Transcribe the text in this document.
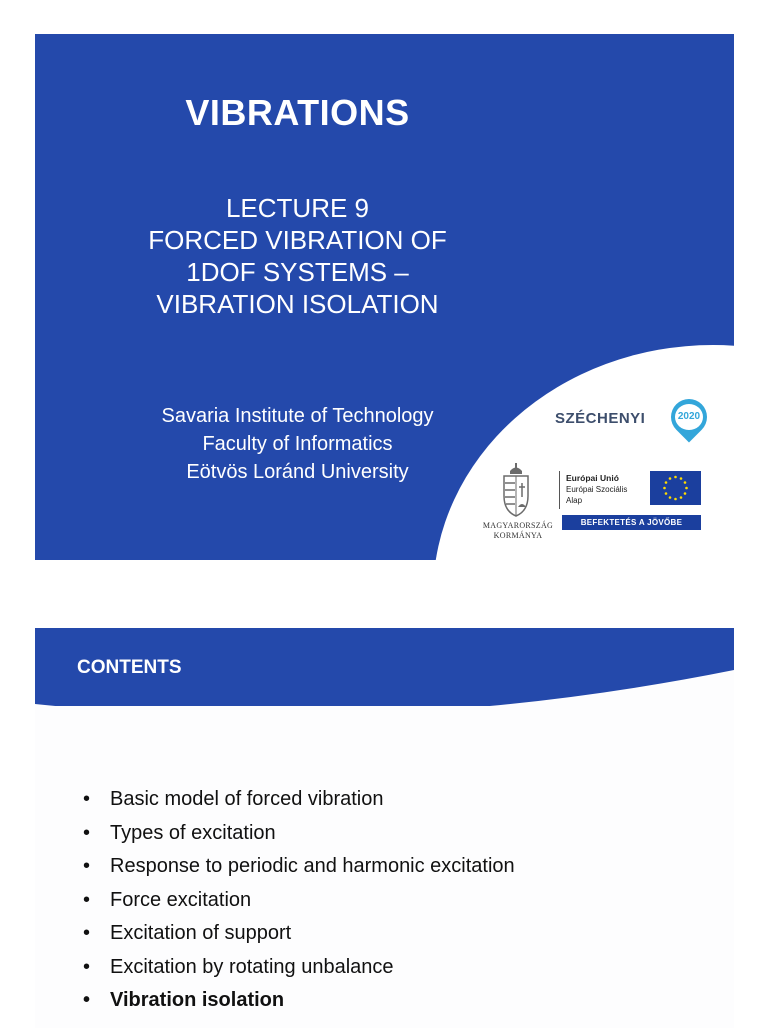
VIBRATIONS
LECTURE 9
FORCED VIBRATION OF
1DOF SYSTEMS –
VIBRATION ISOLATION
Savaria Institute of Technology
Faculty of Informatics
Eötvös Loránd University
SZÉCHENYI	2020
MAGYARORSZÁG
KORMÁNYA
Európai Unió
Európai Szociális
Alap
BEFEKTETÉS A JÖVŐBE
CONTENTS
• Basic model of forced vibration
• Types of excitation
• Response to periodic and harmonic excitation
• Force excitation
• Excitation of support
• Excitation by rotating unbalance
• Vibration isolation
